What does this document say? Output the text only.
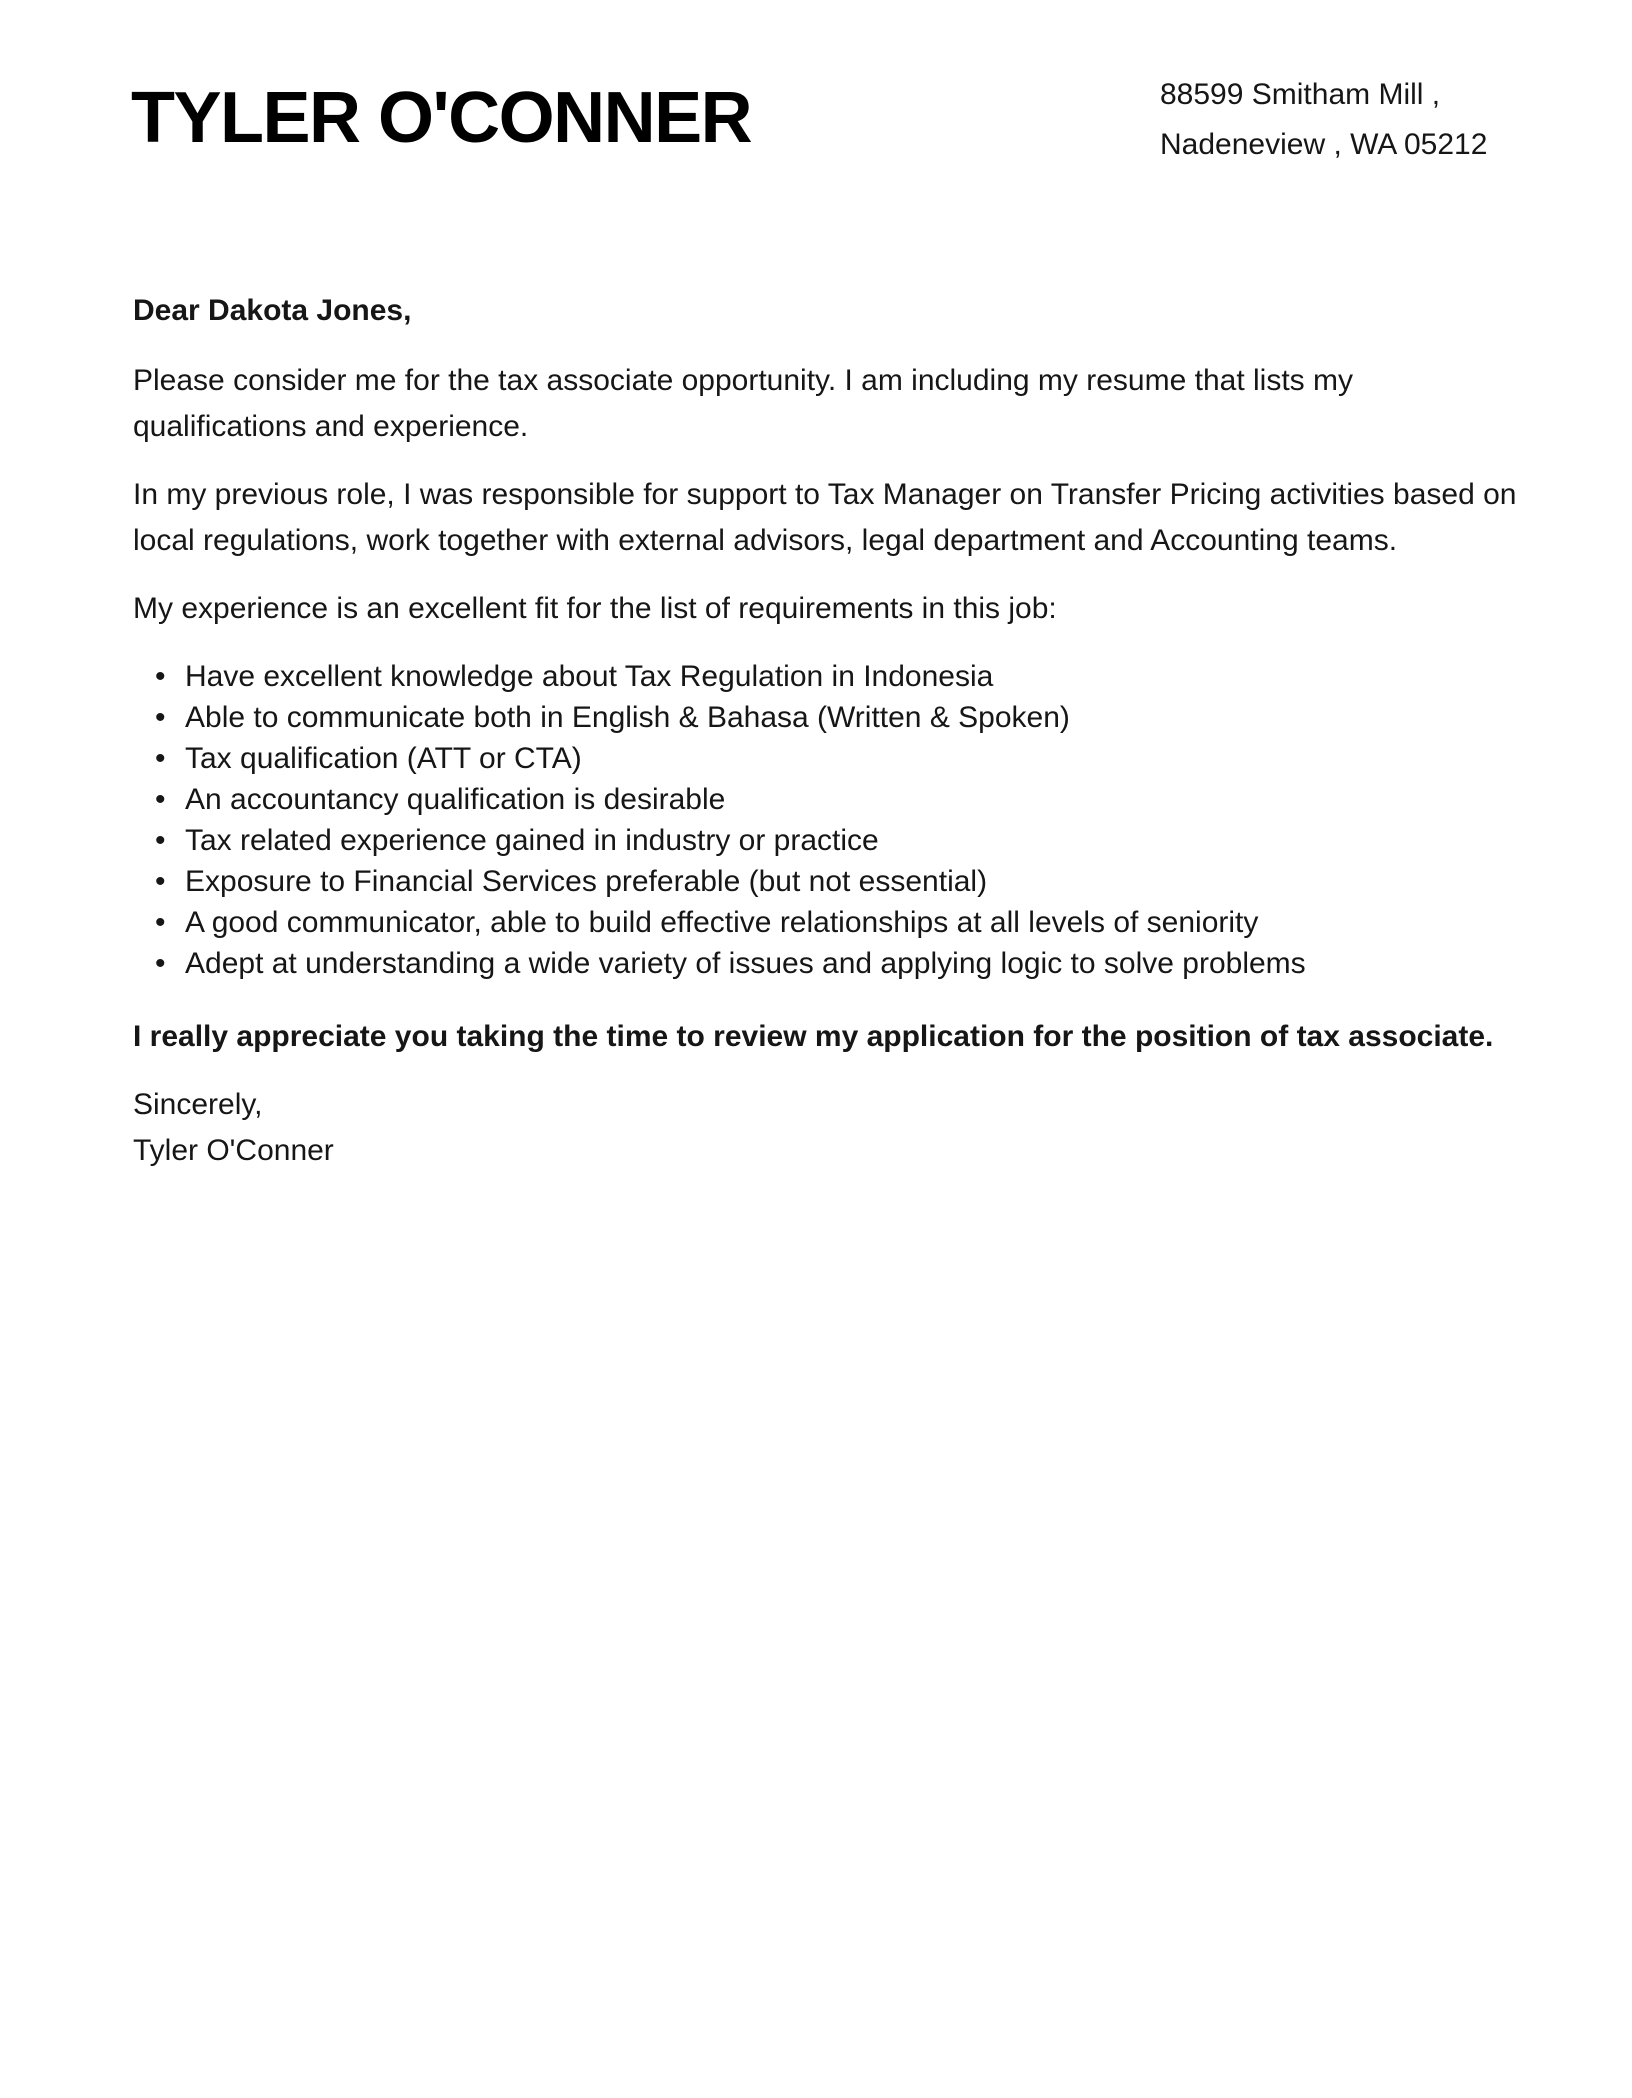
TYLER O'CONNER	88599 Smitham Mill ,
Nadeneview , WA 05212

Dear Dakota Jones,

Please consider me for the tax associate opportunity. I am including my resume that lists my qualifications and experience.

In my previous role, I was responsible for support to Tax Manager on Transfer Pricing activities based on local regulations, work together with external advisors, legal department and Accounting teams.

My experience is an excellent fit for the list of requirements in this job:

• Have excellent knowledge about Tax Regulation in Indonesia
• Able to communicate both in English & Bahasa (Written & Spoken)
• Tax qualification (ATT or CTA)
• An accountancy qualification is desirable
• Tax related experience gained in industry or practice
• Exposure to Financial Services preferable (but not essential)
• A good communicator, able to build effective relationships at all levels of seniority
• Adept at understanding a wide variety of issues and applying logic to solve problems

I really appreciate you taking the time to review my application for the position of tax associate.

Sincerely,
Tyler O'Conner
